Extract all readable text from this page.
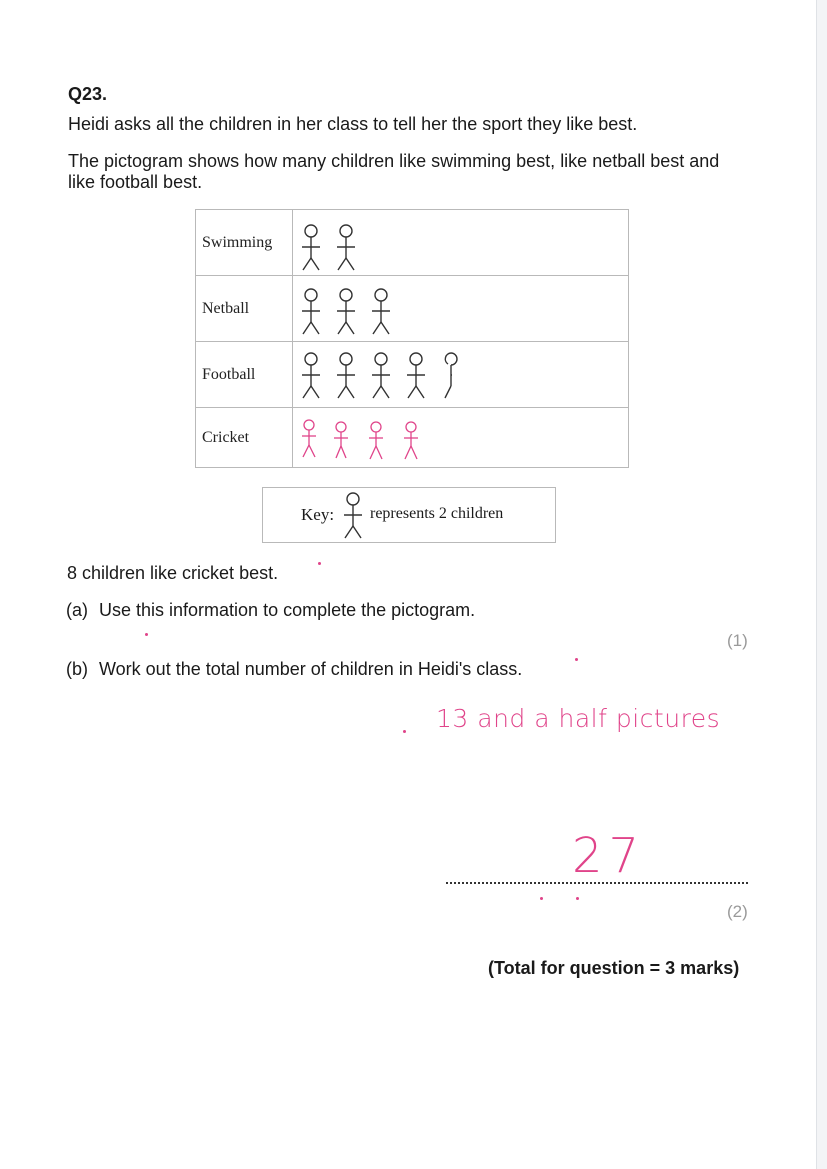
Q23.
Heidi asks all the children in her class to tell her the sport they like best.
The pictogram shows how many children like swimming best, like netball best and
like football best.
Swimming	

Netball	

Football	

Cricket	
Key: represents 2 children
8 children like cricket best.
(a) Use this information to complete the pictogram.
(1)
(b) Work out the total number of children in Heidi's class.
13 and a half pictures
27
(2)
(Total for question = 3 marks)
